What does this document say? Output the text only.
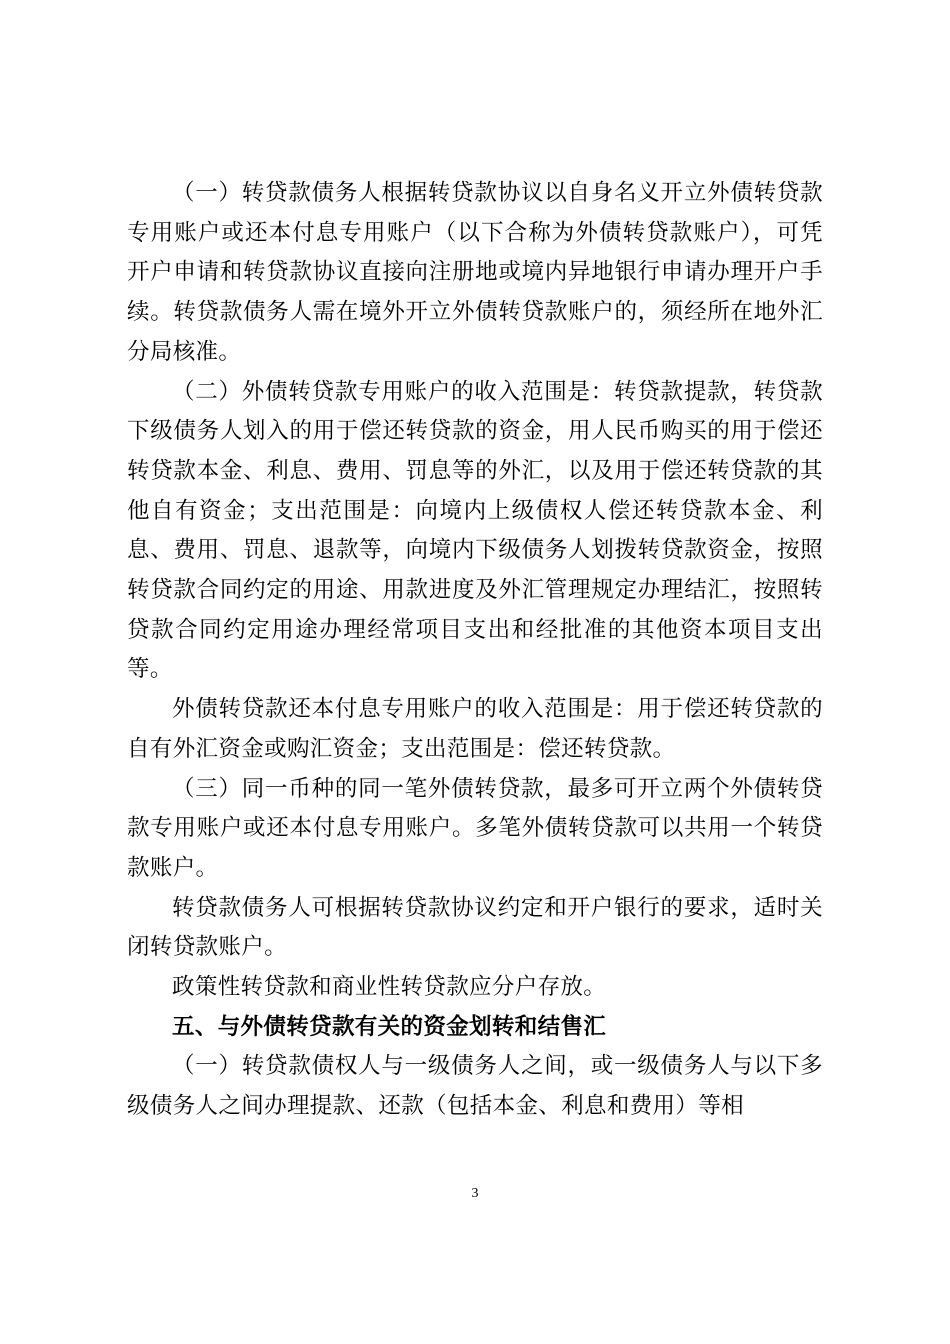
（一）转贷款债务人根据转贷款协议以自身名义开立外债转贷款专用账户或还本付息专用账户（以下合称为外债转贷款账户），可凭开户申请和转贷款协议直接向注册地或境内异地银行申请办理开户手续。转贷款债务人需在境外开立外债转贷款账户的，须经所在地外汇分局核准。

（二）外债转贷款专用账户的收入范围是：转贷款提款，转贷款下级债务人划入的用于偿还转贷款的资金，用人民币购买的用于偿还转贷款本金、利息、费用、罚息等的外汇，以及用于偿还转贷款的其他自有资金；支出范围是：向境内上级债权人偿还转贷款本金、利息、费用、罚息、退款等，向境内下级债务人划拨转贷款资金，按照转贷款合同约定的用途、用款进度及外汇管理规定办理结汇，按照转贷款合同约定用途办理经常项目支出和经批准的其他资本项目支出等。

外债转贷款还本付息专用账户的收入范围是：用于偿还转贷款的自有外汇资金或购汇资金；支出范围是：偿还转贷款。

（三）同一币种的同一笔外债转贷款，最多可开立两个外债转贷款专用账户或还本付息专用账户。多笔外债转贷款可以共用一个转贷款账户。

转贷款债务人可根据转贷款协议约定和开户银行的要求，适时关闭转贷款账户。

政策性转贷款和商业性转贷款应分户存放。

五、与外债转贷款有关的资金划转和结售汇

（一）转贷款债权人与一级债务人之间，或一级债务人与以下多级债务人之间办理提款、还款（包括本金、利息和费用）等相

3
